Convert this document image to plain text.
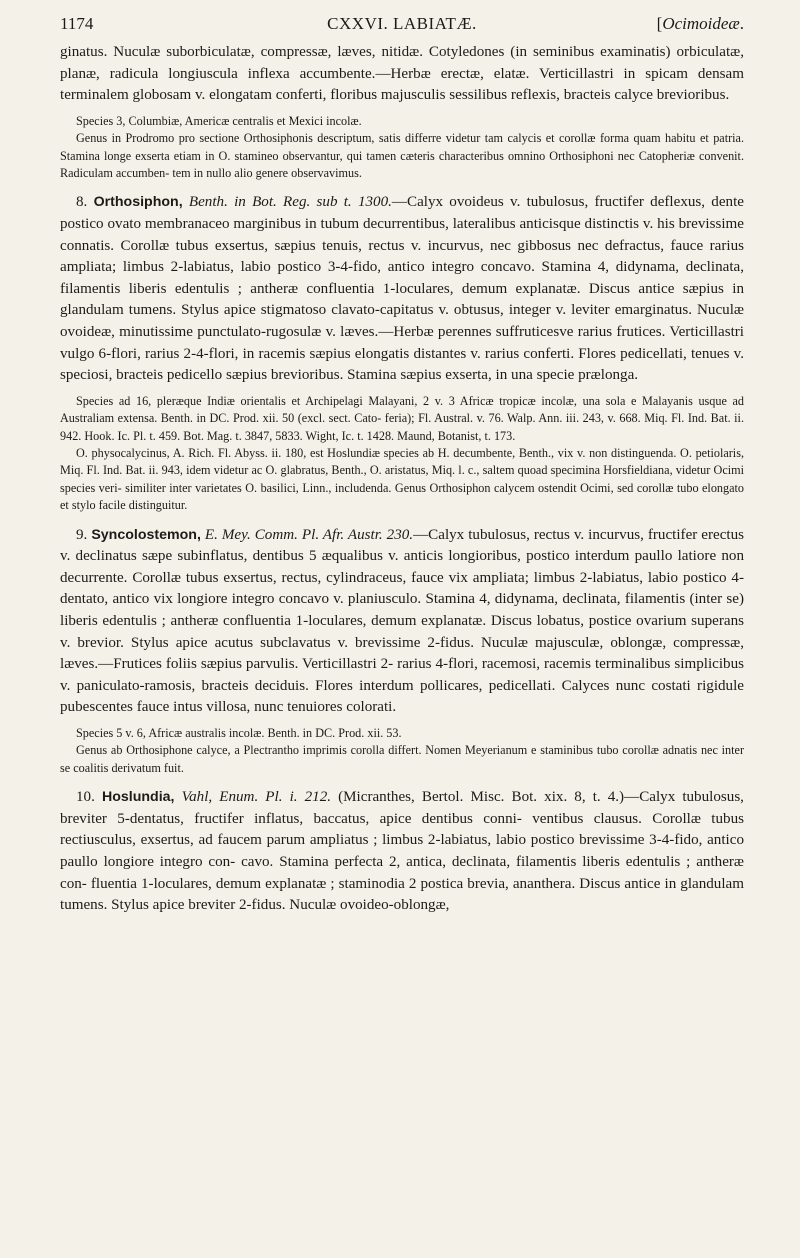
1174	CXXVI. LABIATÆ.	[Ocimoideæ.

ginatus. Nuculæ suborbiculatæ, compressæ, læves, nitidæ. Cotyledones (in seminibus examinatis) orbiculatæ, planæ, radicula longiuscula inflexa accumbente.—Herbæ erectæ, elatæ. Verticillastri in spicam densam terminalem globosam v. elongatam conferti, floribus majusculis sessilibus reflexis, bracteis calyce brevioribus.

Species 3, Columbiæ, Americæ centralis et Mexici incolæ.

Genus in Prodromo pro sectione Orthosiphonis descriptum, satis differre videtur tam calycis et corollæ forma quam habitu et patria. Stamina longe exserta etiam in O. stamineo observantur, qui tamen cæteris characteribus omnino Orthosiphoni nec Catopheriæ convenit. Radiculam accumben- tem in nullo alio genere observavimus.

8. Orthosiphon, Benth. in Bot. Reg. sub t. 1300.—Calyx ovoideus v. tubulosus, fructifer deflexus, dente postico ovato membranaceo marginibus in tubum decurrentibus, lateralibus anticisque distinctis v. his brevissime connatis. Corollæ tubus exsertus, sæpius tenuis, rectus v. incurvus, nec gibbosus nec defractus, fauce rarius ampliata; limbus 2-labiatus, labio postico 3-4-fido, antico integro concavo. Stamina 4, didynama, declinata, filamentis liberis edentulis ; antheræ confluentia 1-loculares, demum explanatæ. Discus antice sæpius in glandulam tumens. Stylus apice stigmatoso clavato-capitatus v. obtusus, integer v. leviter emarginatus. Nuculæ ovoideæ, minutissime punctulato-rugosulæ v. læves.—Herbæ perennes suffruticesve rarius frutices. Verticillastri vulgo 6-flori, rarius 2-4-flori, in racemis sæpius elongatis distantes v. rarius conferti. Flores pedicellati, tenues v. speciosi, bracteis pedicello sæpius brevioribus. Stamina sæpius exserta, in una specie prælonga.

Species ad 16, pleræque Indiæ orientalis et Archipelagi Malayani, 2 v. 3 Africæ tropicæ incolæ, una sola e Malayanis usque ad Australiam extensa. Benth. in DC. Prod. xii. 50 (excl. sect. Cato- feria); Fl. Austral. v. 76. Walp. Ann. iii. 243, v. 668. Miq. Fl. Ind. Bat. ii. 942. Hook. Ic. Pl. t. 459. Bot. Mag. t. 3847, 5833. Wight, Ic. t. 1428. Maund, Botanist, t. 173.

O. physocalycinus, A. Rich. Fl. Abyss. ii. 180, est Hoslundiæ species ab H. decumbente, Benth., vix v. non distinguenda. O. petiolaris, Miq. Fl. Ind. Bat. ii. 943, idem videtur ac O. glabratus, Benth., O. aristatus, Miq. l. c., saltem quoad specimina Horsfieldiana, videtur Ocimi species veri- similiter inter varietates O. basilici, Linn., includenda. Genus Orthosiphon calycem ostendit Ocimi, sed corollæ tubo elongato et stylo facile distinguitur.

9. Syncolostemon, E. Mey. Comm. Pl. Afr. Austr. 230.—Calyx tubulosus, rectus v. incurvus, fructifer erectus v. declinatus sæpe subinflatus, dentibus 5 æqualibus v. anticis longioribus, postico interdum paullo latiore non decurrente. Corollæ tubus exsertus, rectus, cylindraceus, fauce vix ampliata; limbus 2-labiatus, labio postico 4-dentato, antico vix longiore integro concavo v. planiusculo. Stamina 4, didynama, declinata, filamentis (inter se) liberis edentulis ; antheræ confluentia 1-loculares, demum explanatæ. Discus lobatus, postice ovarium superans v. brevior. Stylus apice acutus subclavatus v. brevissime 2-fidus. Nuculæ majusculæ, oblongæ, compressæ, læves.—Frutices foliis sæpius parvulis. Verticillastri 2- rarius 4-flori, racemosi, racemis terminalibus simplicibus v. paniculato-ramosis, bracteis deciduis. Flores interdum pollicares, pedicellati. Calyces nunc costati rigidule pubescentes fauce intus villosa, nunc tenuiores colorati.

Species 5 v. 6, Africæ australis incolæ. Benth. in DC. Prod. xii. 53.

Genus ab Orthosiphone calyce, a Plectrantho imprimis corolla differt. Nomen Meyerianum e staminibus tubo corollæ adnatis nec inter se coalitis derivatum fuit.

10. Hoslundia, Vahl, Enum. Pl. i. 212. (Micranthes, Bertol. Misc. Bot. xix. 8, t. 4.)—Calyx tubulosus, breviter 5-dentatus, fructifer inflatus, baccatus, apice dentibus conni- ventibus clausus. Corollæ tubus rectiusculus, exsertus, ad faucem parum ampliatus ; limbus 2-labiatus, labio postico brevissime 3-4-fido, antico paullo longiore integro con- cavo. Stamina perfecta 2, antica, declinata, filamentis liberis edentulis ; antheræ con- fluentia 1-loculares, demum explanatæ ; staminodia 2 postica brevia, ananthera. Discus antice in glandulam tumens. Stylus apice breviter 2-fidus. Nuculæ ovoideo-oblongæ,
